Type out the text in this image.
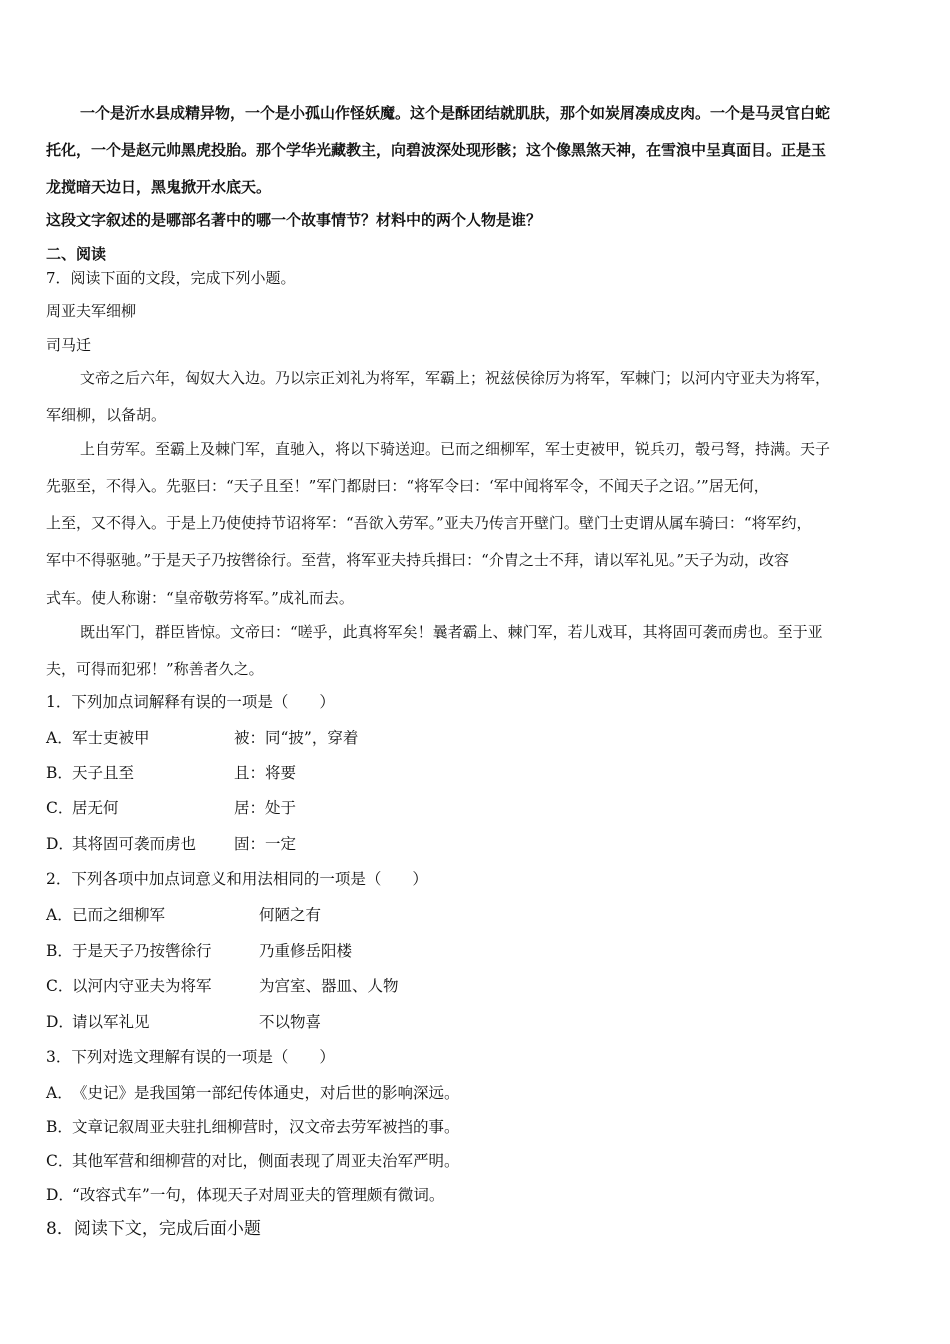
一个是沂水县成精异物，一个是小孤山作怪妖魔。这个是酥团结就肌肤，那个如炭屑凑成皮肉。一个是马灵官白蛇
托化，一个是赵元帅黑虎投胎。那个学华光藏教主，向碧波深处现形骸；这个像黑煞天神，在雪浪中呈真面目。正是玉
龙搅暗天边日，黑鬼掀开水底天。
这段文字叙述的是哪部名著中的哪一个故事情节？材料中的两个人物是谁？
二、阅读
7．阅读下面的文段，完成下列小题。
周亚夫军细柳
司马迁
文帝之后六年，匈奴大入边。乃以宗正刘礼为将军，军霸上；祝兹侯徐厉为将军，军棘门；以河内守亚夫为将军，
军细柳，以备胡。
上自劳军。至霸上及棘门军，直驰入，将以下骑送迎。已而之细柳军，军士吏被甲，锐兵刃，彀弓弩，持满。天子
先驱至，不得入。先驱曰：“天子且至！”军门都尉曰：“将军令曰：‘军中闻将军令，不闻天子之诏。’”居无何，
上至，又不得入。于是上乃使使持节诏将军：“吾欲入劳军。”亚夫乃传言开壁门。壁门士吏谓从属车骑曰：“将军约，
军中不得驱驰。”于是天子乃按辔徐行。至营，将军亚夫持兵揖曰：“介胄之士不拜，请以军礼见。”天子为动，改容
式车。使人称谢：“皇帝敬劳将军。”成礼而去。
既出军门，群臣皆惊。文帝曰：“嗟乎，此真将军矣！曩者霸上、棘门军，若儿戏耳，其将固可袭而虏也。至于亚
夫，可得而犯邪！”称善者久之。
1．下列加点词解释有误的一项是（　　）
A．军士吏被甲	被：同“披”，穿着
B．天子且至	且：将要
C．居无何	居：处于
D．其将固可袭而虏也 固：一定
2．下列各项中加点词意义和用法相同的一项是（　　）
A．已而之细柳军	何陋之有
B．于是天子乃按辔徐行	乃重修岳阳楼
C．以河内守亚夫为将军	为宫室、器皿、人物
D．请以军礼见	不以物喜
3．下列对选文理解有误的一项是（　　）
A．《史记》是我国第一部纪传体通史，对后世的影响深远。
B．文章记叙周亚夫驻扎细柳营时，汉文帝去劳军被挡的事。
C．其他军营和细柳营的对比，侧面表现了周亚夫治军严明。
D．“改容式车”一句，体现天子对周亚夫的管理颇有微词。
8．阅读下文，完成后面小题
